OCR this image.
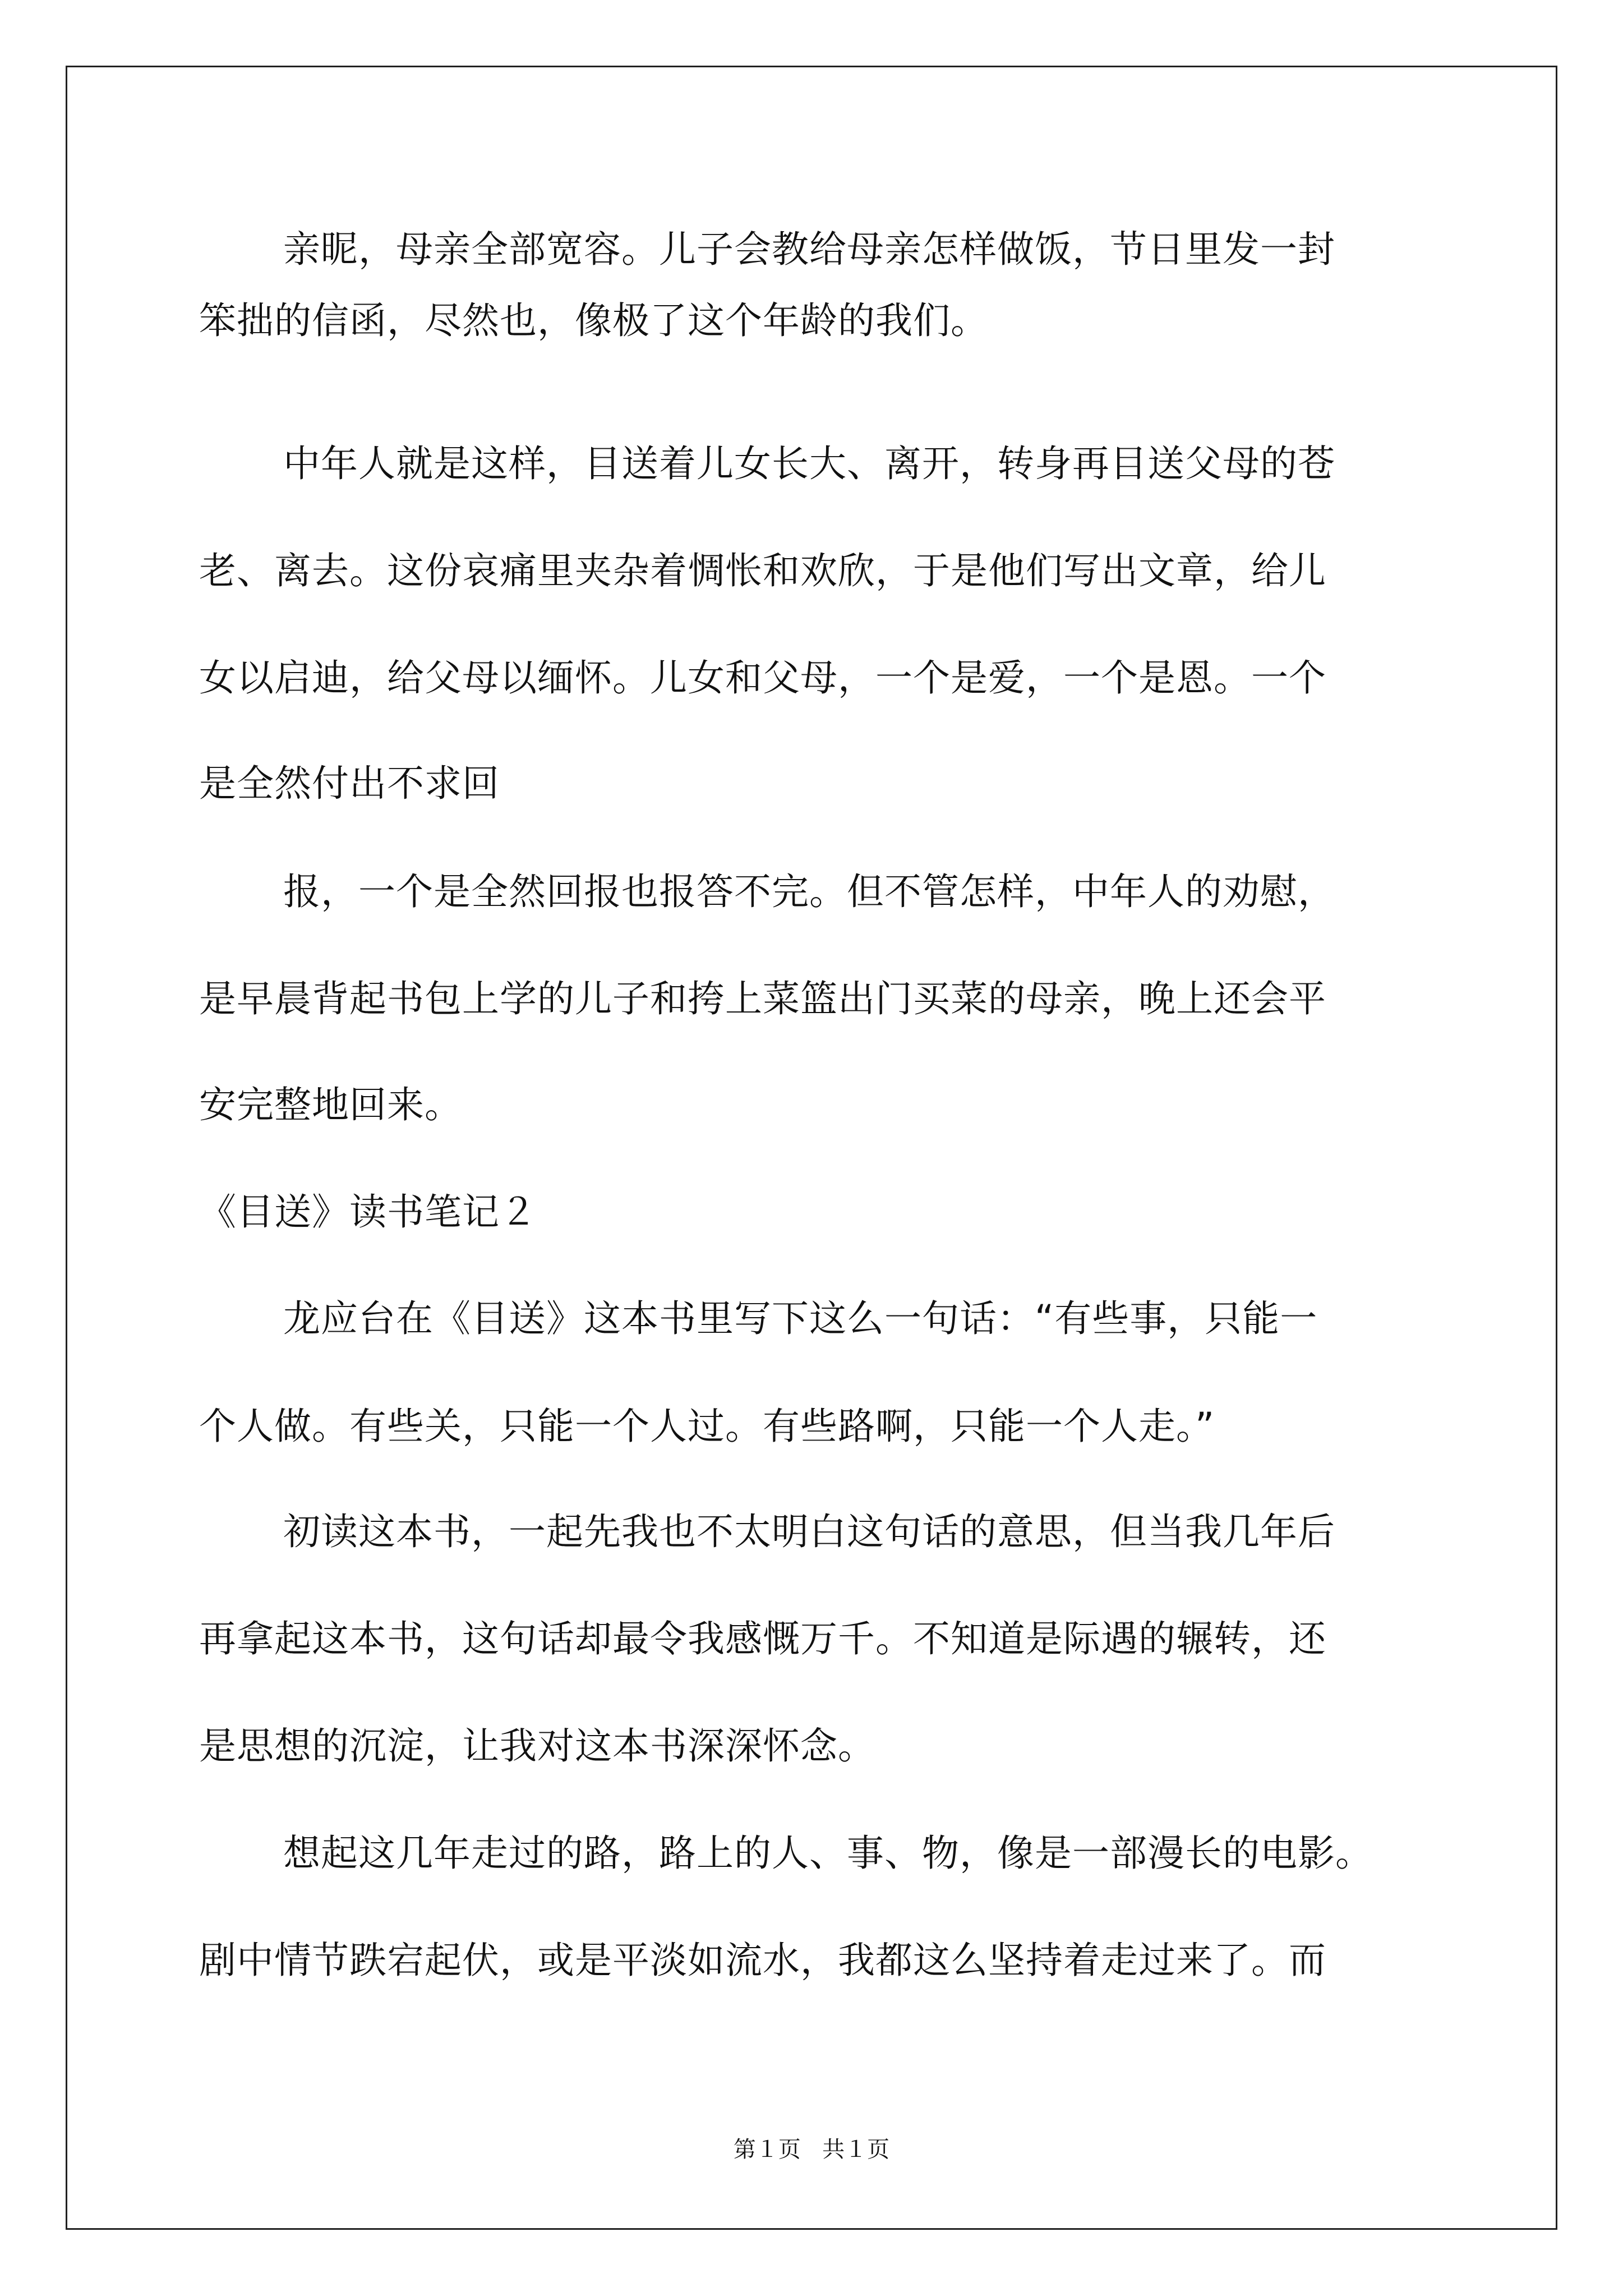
亲昵，母亲全部宽容。儿子会教给母亲怎样做饭，节日里发一封

笨拙的信函，尽然也，像极了这个年龄的我们。

中年人就是这样，目送着儿女长大、离开，转身再目送父母的苍

老、离去。这份哀痛里夹杂着惆怅和欢欣，于是他们写出文章，给儿

女以启迪，给父母以缅怀。儿女和父母，一个是爱，一个是恩。一个

是全然付出不求回

报，一个是全然回报也报答不完。但不管怎样，中年人的劝慰，

是早晨背起书包上学的儿子和挎上菜篮出门买菜的母亲，晚上还会平

安完整地回来。

《目送》读书笔记２

龙应台在《目送》这本书里写下这么一句话：“有些事，只能一

个人做。有些关，只能一个人过。有些路啊，只能一个人走。”

初读这本书，一起先我也不太明白这句话的意思，但当我几年后

再拿起这本书，这句话却最令我感慨万千。不知道是际遇的辗转，还

是思想的沉淀，让我对这本书深深怀念。

想起这几年走过的路，路上的人、事、物，像是一部漫长的电影。

剧中情节跌宕起伏，或是平淡如流水，我都这么坚持着走过来了。而

第１页 共１页
